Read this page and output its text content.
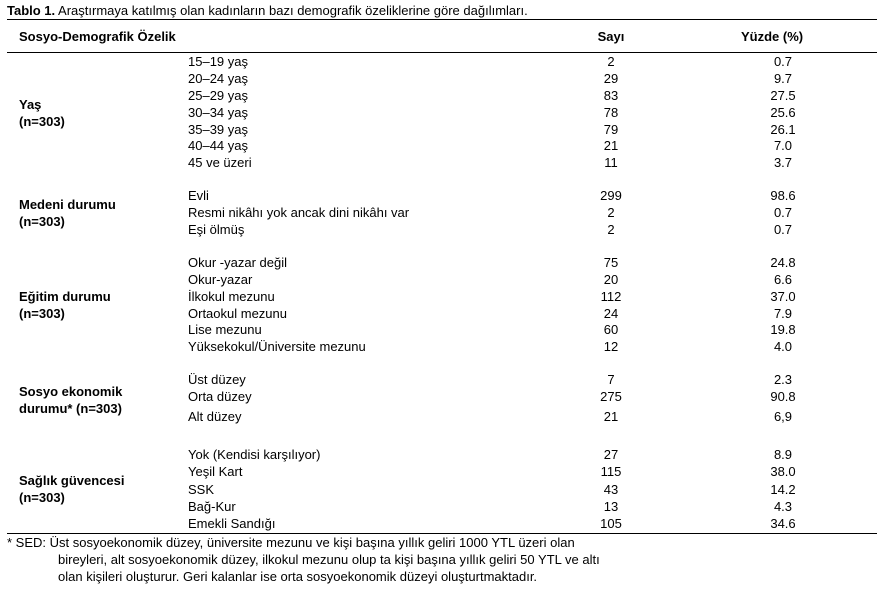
Tablo 1. Araştırmaya katılmış olan kadınların bazı demografik özeliklerine göre dağılımları.
Sosyo-Demografik Özelik	Sayı	Yüzde (%)
Yaş
(n=303)
15–19 yaş	2	0.7
20–24 yaş	29	9.7
25–29 yaş	83	27.5
30–34 yaş	78	25.6
35–39 yaş	79	26.1
40–44 yaş	21	7.0
45 ve üzeri	11	3.7
Medeni durumu
(n=303)
Evli	299	98.6
Resmi nikâhı yok ancak dini nikâhı var	2	0.7
Eşi ölmüş	2	0.7
Eğitim durumu
(n=303)
Okur -yazar değil	75	24.8
Okur-yazar	20	6.6
İlkokul mezunu	112	37.0
Ortaokul mezunu	24	7.9
Lise mezunu	60	19.8
Yüksekokul/Üniversite mezunu	12	4.0
Sosyo ekonomik
durumu* (n=303)
Üst düzey	7	2.3
Orta düzey	275	90.8
Alt düzey	21	6,9
Sağlık güvencesi
(n=303)
Yok (Kendisi karşılıyor)	27	8.9
Yeşil Kart	115	38.0
SSK	43	14.2
Bağ-Kur	13	4.3
Emekli Sandığı	105	34.6
* SED: Üst sosyoekonomik düzey, üniversite mezunu ve kişi başına yıllık geliri 1000 YTL üzeri olan
bireyleri, alt sosyoekonomik düzey, ilkokul mezunu olup ta kişi başına yıllık geliri 50 YTL ve altı
olan kişileri oluşturur. Geri kalanlar ise orta sosyoekonomik düzeyi oluşturtmaktadır.
